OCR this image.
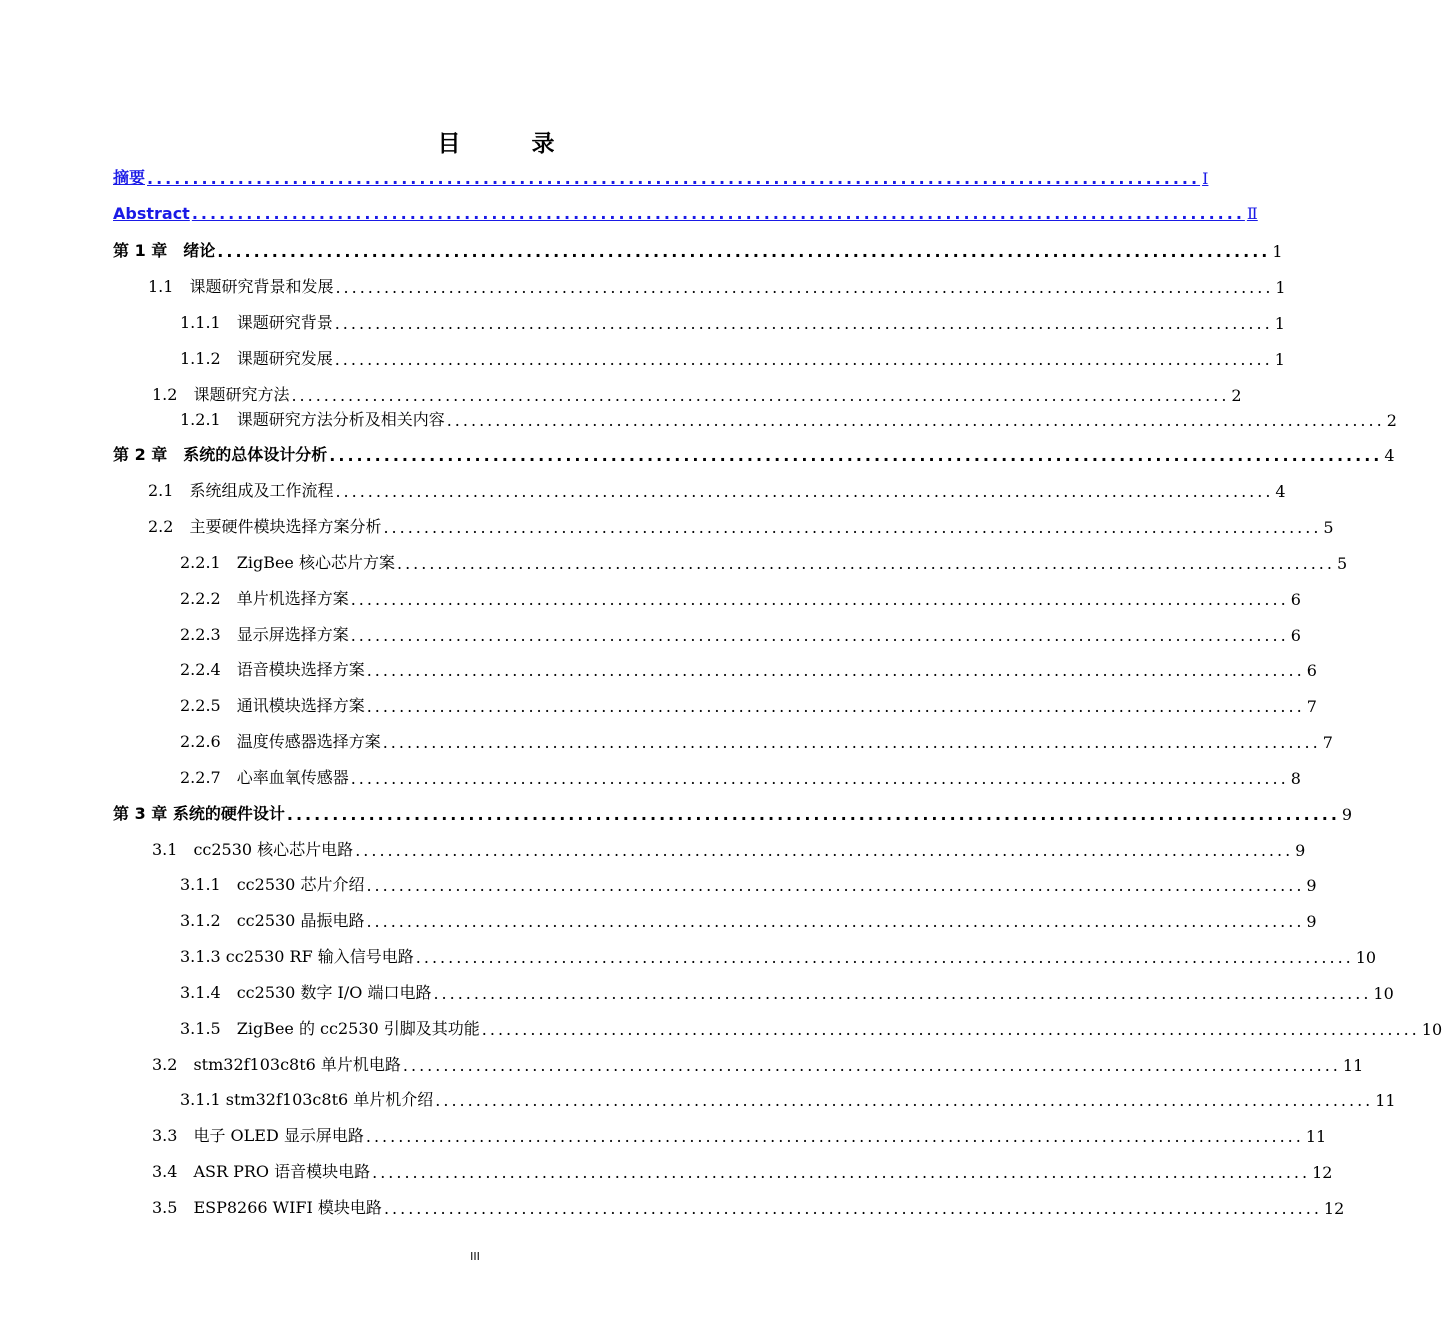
目　录
摘要 .................................................................................................................... Ⅰ
Abstract .................................................................................................................... Ⅱ
第 1 章　绪论 .................................................................................................................... 1
1.1　课题研究背景和发展 .................................................................................................................... 1
1.1.1　课题研究背景 .................................................................................................................... 1
1.1.2　课题研究发展 .................................................................................................................... 1
1.2　课题研究方法 .................................................................................................................... 2
1.2.1　课题研究方法分析及相关内容 .................................................................................................................... 2
第 2 章　系统的总体设计分析 .................................................................................................................... 4
2.1　系统组成及工作流程 .................................................................................................................... 4
2.2　主要硬件模块选择方案分析 .................................................................................................................... 5
2.2.1　ZigBee 核心芯片方案 .................................................................................................................... 5
2.2.2　单片机选择方案 .................................................................................................................... 6
2.2.3　显示屏选择方案 .................................................................................................................... 6
2.2.4　语音模块选择方案 .................................................................................................................... 6
2.2.5　通讯模块选择方案 .................................................................................................................... 7
2.2.6　温度传感器选择方案 .................................................................................................................... 7
2.2.7　心率血氧传感器 .................................................................................................................... 8
第 3 章 系统的硬件设计 .................................................................................................................... 9
3.1　cc2530 核心芯片电路 .................................................................................................................... 9
3.1.1　cc2530 芯片介绍 .................................................................................................................... 9
3.1.2　cc2530 晶振电路 .................................................................................................................... 9
3.1.3 cc2530 RF 输入信号电路 .................................................................................................................... 10
3.1.4　cc2530 数字 I/O 端口电路 .................................................................................................................... 10
3.1.5　ZigBee 的 cc2530 引脚及其功能 .................................................................................................................... 10
3.2　stm32f103c8t6 单片机电路 .................................................................................................................... 11
3.1.1 stm32f103c8t6 单片机介绍 .................................................................................................................... 11
3.3　电子 OLED 显示屏电路 .................................................................................................................... 11
3.4　ASR PRO 语音模块电路 .................................................................................................................... 12
3.5　ESP8266 WIFI 模块电路 .................................................................................................................... 12
III
